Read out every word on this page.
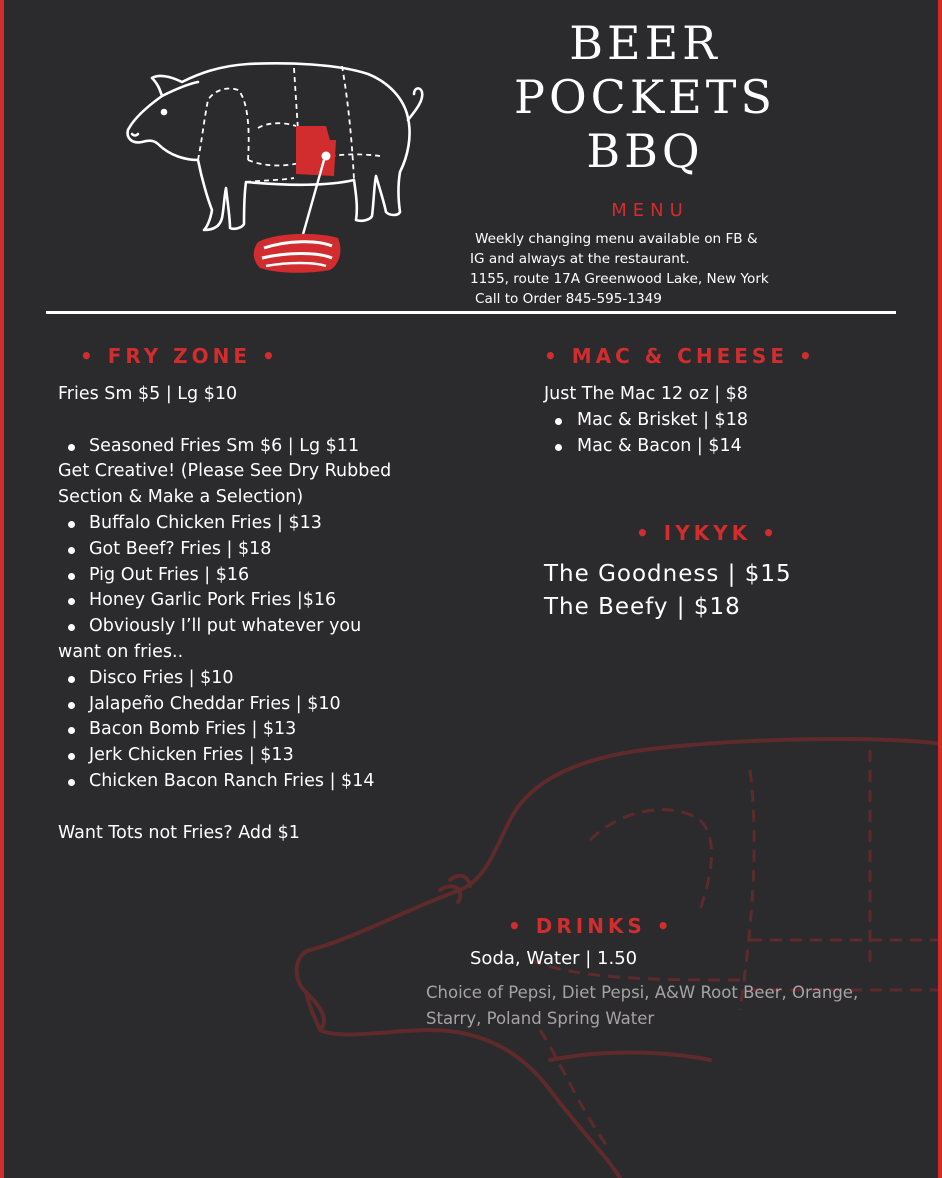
BEER
POCKETS
BBQ
MENU
Weekly changing menu available on FB &
IG and always at the restaurant.
1155, route 17A Greenwood Lake, New York
Call to Order 845-595-1349
• FRY ZONE •
Fries Sm $5 | Lg $10
Seasoned Fries Sm $6 | Lg $11
Get Creative! (Please See Dry Rubbed
Section & Make a Selection)
Buffalo Chicken Fries | $13
Got Beef? Fries | $18
Pig Out Fries | $16
Honey Garlic Pork Fries |$16
Obviously I’ll put whatever you
want on fries..
Disco Fries | $10
Jalapeño Cheddar Fries | $10
Bacon Bomb Fries | $13
Jerk Chicken Fries | $13
Chicken Bacon Ranch Fries | $14
Want Tots not Fries? Add $1
• MAC & CHEESE •
Just The Mac 12 oz | $8
Mac & Brisket | $18
Mac & Bacon | $14
• IYKYK •
The Goodness | $15
The Beefy | $18
• DRINKS •
Soda, Water | 1.50
Choice of Pepsi, Diet Pepsi, A&W Root Beer, Orange,
Starry, Poland Spring Water
